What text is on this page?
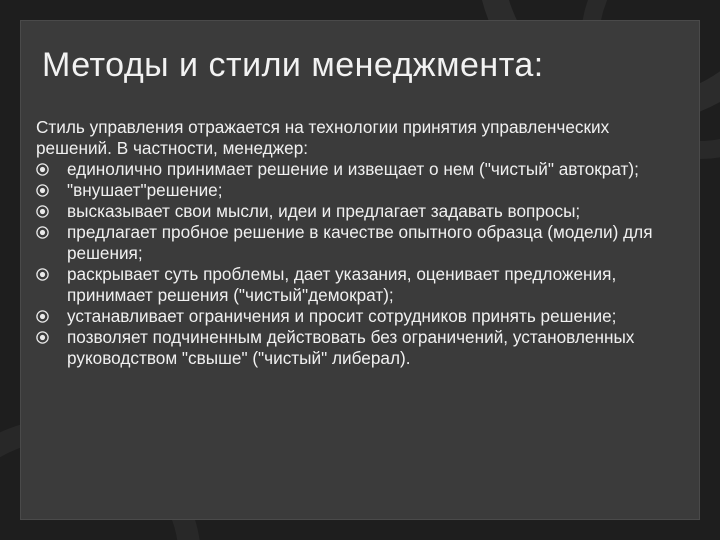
Методы и стили менеджмента:

Стиль управления отражается на технологии принятия управленческих решений. В частности, менеджер:

единолично принимает решение и извещает о нем ("чистый" автократ);
"внушает"решение;
высказывает свои мысли, идеи и предлагает задавать вопросы;
предлагает пробное решение в качестве опытного образца (модели) для решения;
раскрывает суть проблемы, дает указания, оценивает предложения, принимает решения ("чистый"демократ);
устанавливает ограничения и просит сотрудников принять решение;
позволяет подчиненным действовать без ограничений, установленных руководством "свыше" ("чистый" либерал).
